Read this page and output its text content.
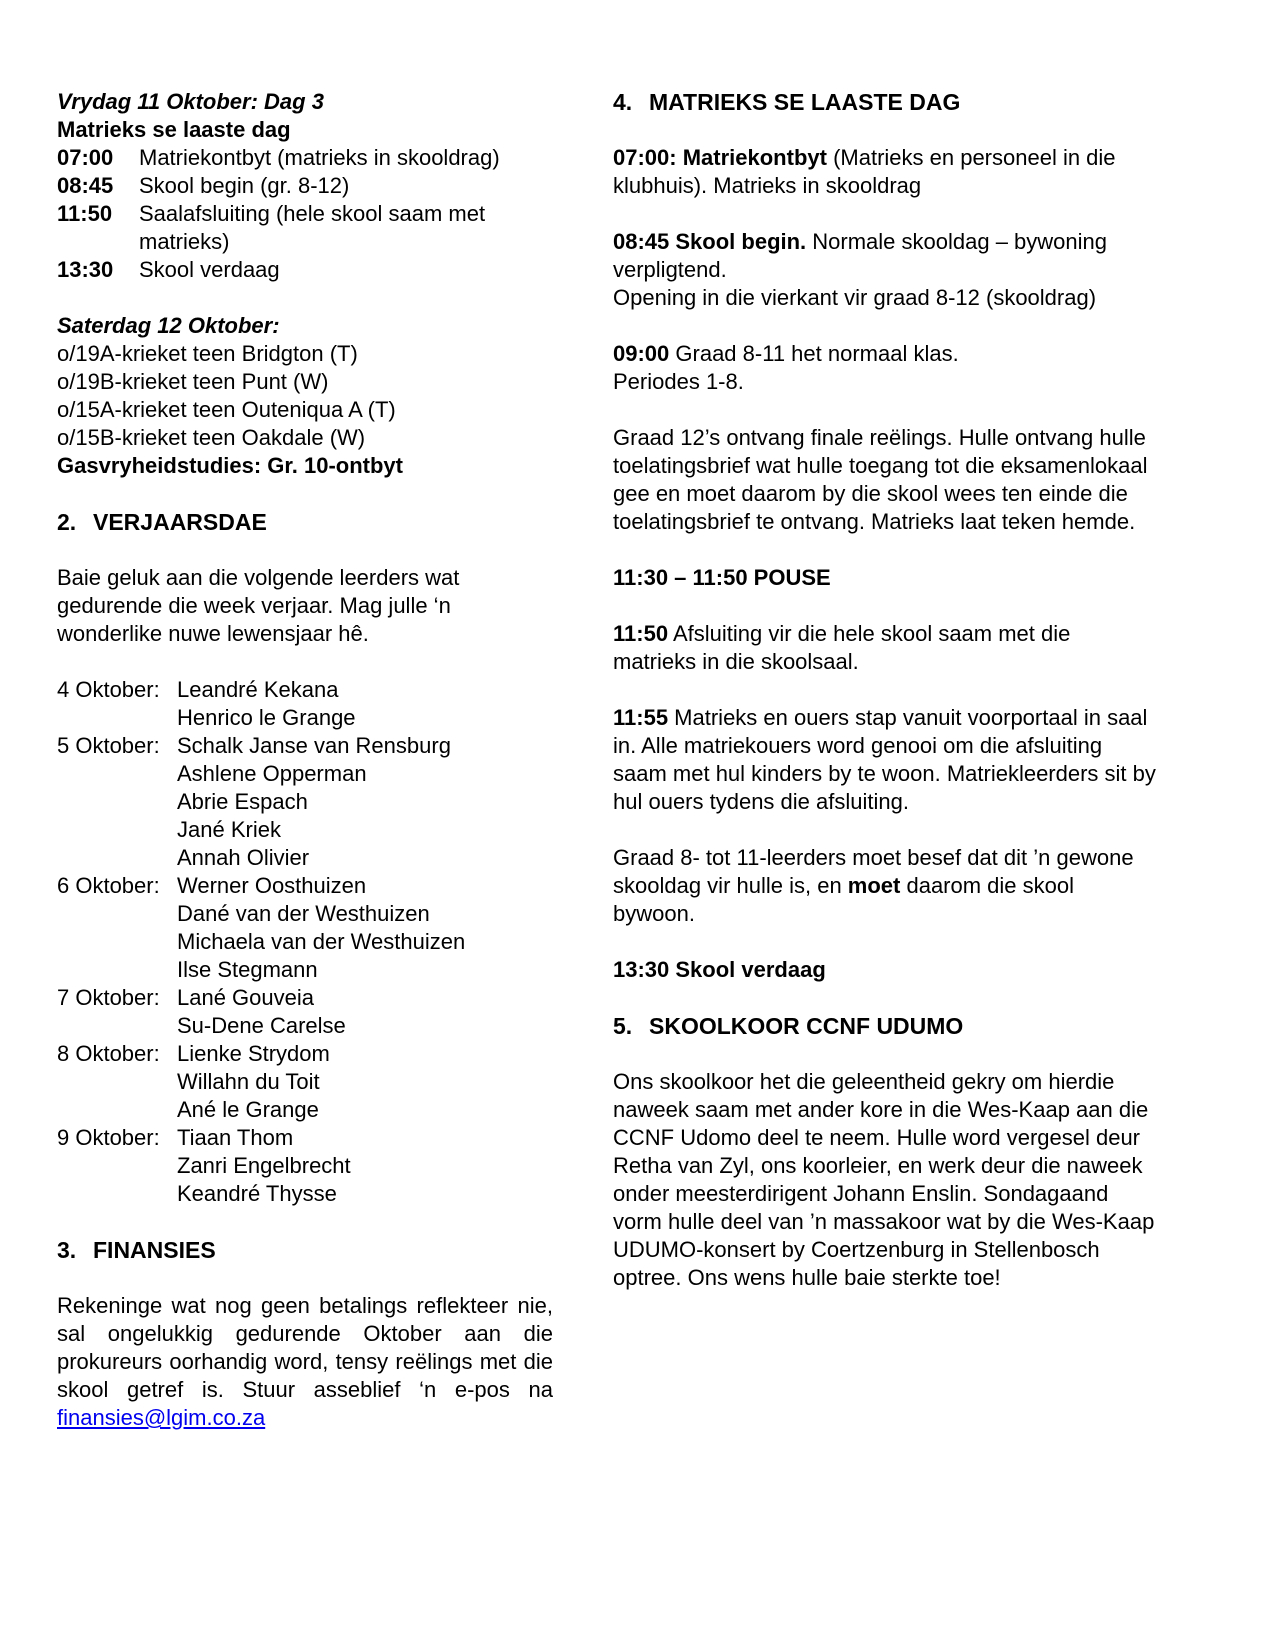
Vrydag 11 Oktober: Dag 3

Matrieks se laaste dag

07:00	Matriekontbyt (matrieks in skooldrag)
08:45	Skool begin (gr. 8-12)
11:50	Saalafsluiting (hele skool saam met matrieks)
13:30	Skool verdaag

Saterdag 12 Oktober:

o/19A-krieket teen Bridgton (T)

o/19B-krieket teen Punt (W)

o/15A-krieket teen Outeniqua A (T)

o/15B-krieket teen Oakdale (W)

Gasvryheidstudies: Gr. 10-ontbyt

2. VERJAARSDAE

Baie geluk aan die volgende leerders wat gedurende die week verjaar. Mag julle ‘n wonderlike nuwe lewensjaar hê.

4 Oktober: Leandré Kekana
Henrico le Grange
5 Oktober: Schalk Janse van Rensburg
Ashlene Opperman
Abrie Espach
Jané Kriek
Annah Olivier
6 Oktober: Werner Oosthuizen
Dané van der Westhuizen
Michaela van der Westhuizen
Ilse Stegmann
7 Oktober: Lané Gouveia
Su-Dene Carelse
8 Oktober: Lienke Strydom
Willahn du Toit
Ané le Grange
9 Oktober: Tiaan Thom
Zanri Engelbrecht
Keandré Thysse
3. FINANSIES

Rekeninge wat nog geen betalings reflekteer nie, sal ongelukkig gedurende Oktober aan die prokureurs oorhandig word, tensy reëlings met die skool getref is. Stuur asseblief ‘n e-pos na

finansies@lgim.co.za

4. MATRIEKS SE LAASTE DAG

07:00: Matriekontbyt (Matrieks en personeel in die klubhuis). Matrieks in skooldrag

08:45 Skool begin. Normale skooldag – bywoning verpligtend.

Opening in die vierkant vir graad 8-12 (skooldrag)

09:00 Graad 8-11 het normaal klas.

Periodes 1-8.

Graad 12’s ontvang finale reëlings. Hulle ontvang hulle toelatingsbrief wat hulle toegang tot die eksamenlokaal gee en moet daarom by die skool wees ten einde die toelatingsbrief te ontvang. Matrieks laat teken hemde.

11:30 – 11:50 POUSE

11:50 Afsluiting vir die hele skool saam met die matrieks in die skoolsaal.

11:55 Matrieks en ouers stap vanuit voorportaal in saal in. Alle matriekouers word genooi om die afsluiting saam met hul kinders by te woon. Matriekleerders sit by hul ouers tydens die afsluiting.

Graad 8- tot 11-leerders moet besef dat dit ’n gewone skooldag vir hulle is, en moet daarom die skool bywoon.

13:30 Skool verdaag

5. SKOOLKOOR CCNF UDUMO

Ons skoolkoor het die geleentheid gekry om hierdie naweek saam met ander kore in die Wes-Kaap aan die CCNF Udomo deel te neem. Hulle word vergesel deur Retha van Zyl, ons koorleier, en werk deur die naweek onder meesterdirigent Johann Enslin. Sondagaand vorm hulle deel van ’n massakoor wat by die Wes-Kaap UDUMO-konsert by Coertzenburg in Stellenbosch optree. Ons wens hulle baie sterkte toe!
